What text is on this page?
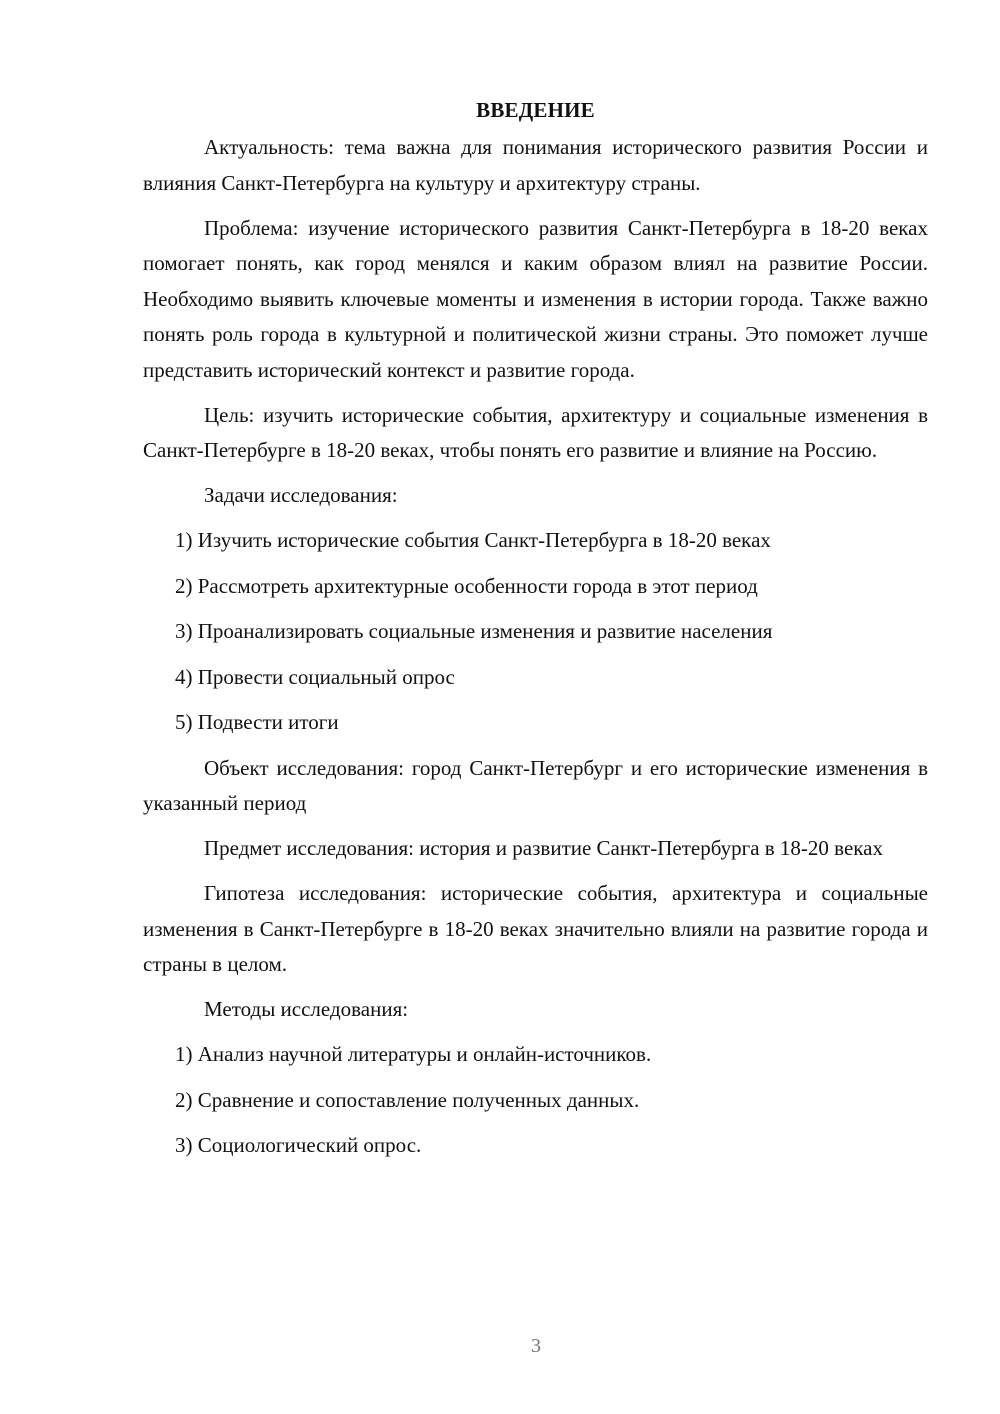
ВВЕДЕНИЕ

Актуальность: тема важна для понимания исторического развития России и влияния Санкт-Петербурга на культуру и архитектуру страны.

Проблема: изучение исторического развития Санкт-Петербурга в 18-20 веках помогает понять, как город менялся и каким образом влиял на развитие России. Необходимо выявить ключевые моменты и изменения в истории города. Также важно понять роль города в культурной и политической жизни страны. Это поможет лучше представить исторический контекст и развитие города.

Цель: изучить исторические события, архитектуру и социальные изменения в Санкт-Петербурге в 18-20 веках, чтобы понять его развитие и влияние на Россию.

Задачи исследования:

1) Изучить исторические события Санкт-Петербурга в 18-20 веках
2) Рассмотреть архитектурные особенности города в этот период
3) Проанализировать социальные изменения и развитие населения
4) Провести социальный опрос
5) Подвести итоги

Объект исследования: город Санкт-Петербург и его исторические изменения в указанный период

Предмет исследования: история и развитие Санкт-Петербурга в 18-20 веках

Гипотеза исследования: исторические события, архитектура и социальные изменения в Санкт-Петербурге в 18-20 веках значительно влияли на развитие города и страны в целом.

Методы исследования:

1) Анализ научной литературы и онлайн-источников.
2) Сравнение и сопоставление полученных данных.
3) Социологический опрос.
3
